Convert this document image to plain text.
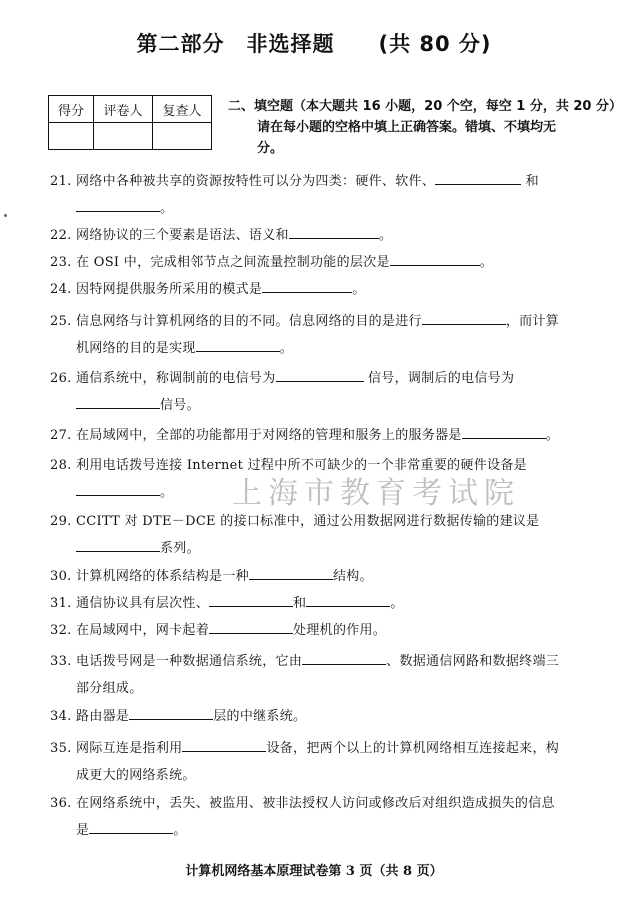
第二部分　非选择题　　(共 80 分)
得分	评卷人	复查人
		二、填空题（本大题共 16 小题，20 个空，每空 1 分，共 20 分）
请在每小题的空格中填上正确答案。错填、不填均无
分。
21. 网络中各种被共享的资源按特性可以分为四类：硬件、软件、	和
。
22. 网络协议的三个要素是语法、语义和	。
23. 在 OSI 中，完成相邻节点之间流量控制功能的层次是	。
24. 因特网提供服务所采用的模式是	。
25. 信息网络与计算机网络的目的不同。信息网络的目的是进行	，而计算
机网络的目的是实现	。
26. 通信系统中，称调制前的电信号为	信号，调制后的电信号为
信号。
27. 在局域网中，全部的功能都用于对网络的管理和服务上的服务器是	。
28. 利用电话拨号连接 Internet 过程中所不可缺少的一个非常重要的硬件设备是
。	上海市教育考试院
29. CCITT 对 DTE－DCE 的接口标准中，通过公用数据网进行数据传输的建议是
系列。
30. 计算机网络的体系结构是一种	结构。
31. 通信协议具有层次性、	和	。
32. 在局域网中，网卡起着	处理机的作用。
33. 电话拨号网是一种数据通信系统，它由	、数据通信网路和数据终端三
部分组成。
34. 路由器是	层的中继系统。
35. 网际互连是指利用	设备，把两个以上的计算机网络相互连接起来，构
成更大的网络系统。
36. 在网络系统中，丢失、被监用、被非法授权人访问或修改后对组织造成损失的信息
是	。
计算机网络基本原理试卷第 3 页（共 8 页）
